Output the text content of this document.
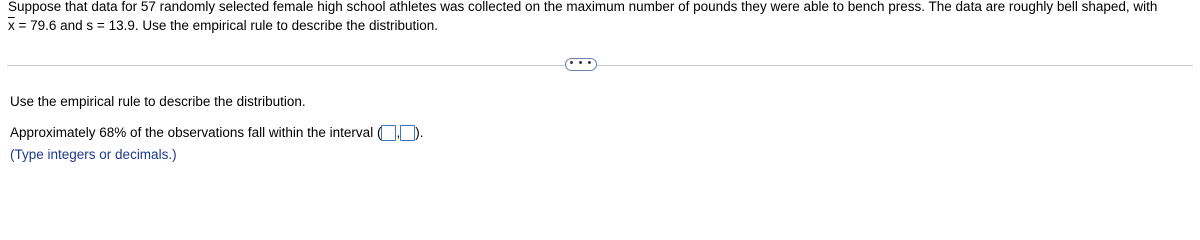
Suppose that data for 57 randomly selected female high school athletes was collected on the maximum number of pounds they were able to bench press. The data are roughly bell shaped, with
$\overline{x} = 79.6$ and s = 13.9. Use the empirical rule to describe the distribution.
• • •
Use the empirical rule to describe the distribution.
Approximately 68% of the observations fall within the interval ( , ).
(Type integers or decimals.)
